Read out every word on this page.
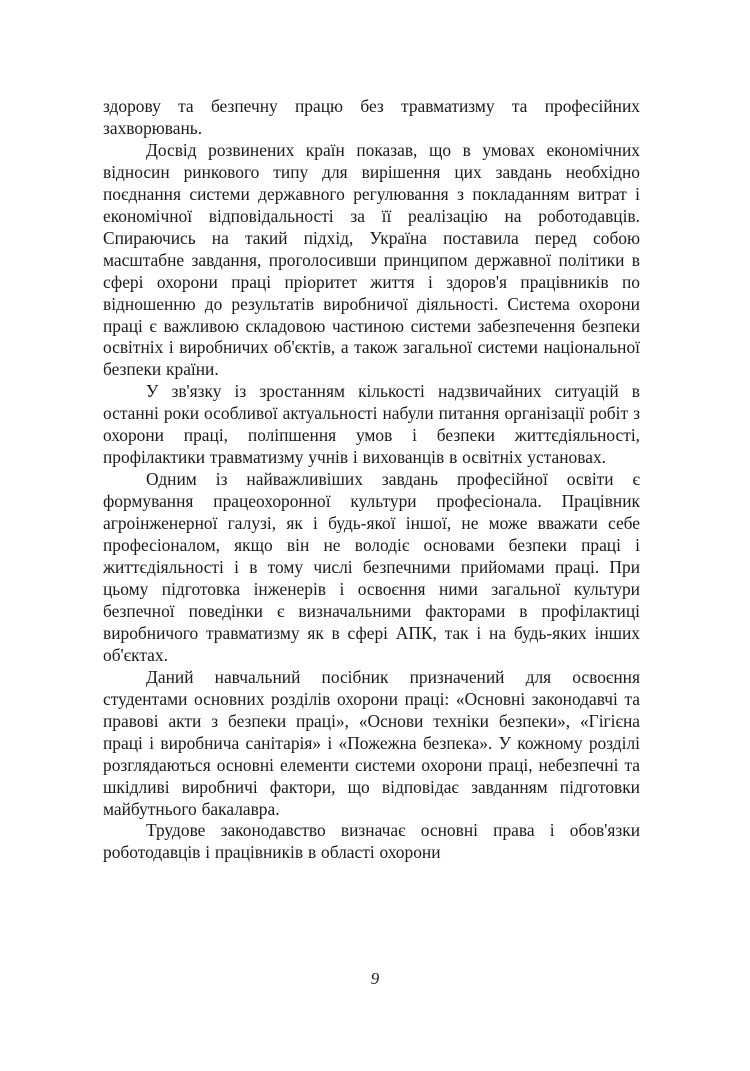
здорову та безпечну працю без травматизму та професійних захворювань.

Досвід розвинених країн показав, що в умовах економічних відносин ринкового типу для вирішення цих завдань необхідно поєднання системи державного регулювання з покладанням витрат і економічної відповідальності за її реалізацію на роботодавців. Спираючись на такий підхід, Україна поставила перед собою масштабне завдання, проголосивши принципом державної політики в сфері охорони праці пріоритет життя і здоров'я працівників по відношенню до результатів виробничої діяльності. Система охорони праці є важливою складовою частиною системи забезпечення безпеки освітніх і виробничих об'єктів, а також загальної системи національної безпеки країни.

У зв'язку із зростанням кількості надзвичайних ситуацій в останні роки особливої актуальності набули питання організації робіт з охорони праці, поліпшення умов і безпеки життєдіяльності, профілактики травматизму учнів і вихованців в освітніх установах.

Одним із найважливіших завдань професійної освіти є формування працеохоронної культури професіонала. Працівник агроінженерної галузі, як і будь-якої іншої, не може вважати себе професіоналом, якщо він не володіє основами безпеки праці і життєдіяльності і в тому числі безпечними прийомами праці. При цьому підготовка інженерів і освоєння ними загальної культури безпечної поведінки є визначальними факторами в профілактиці виробничого травматизму як в сфері АПК, так і на будь-яких інших об'єктах.

Даний навчальний посібник призначений для освоєння студентами основних розділів охорони праці: «Основні законодавчі та правові акти з безпеки праці», «Основи техніки безпеки», «Гігієна праці і виробнича санітарія» і «Пожежна безпека». У кожному розділі розглядаються основні елементи системи охорони праці, небезпечні та шкідливі виробничі фактори, що відповідає завданням підготовки майбутнього бакалавра.

Трудове законодавство визначає основні права і обов'язки роботодавців і працівників в області охорони

9
